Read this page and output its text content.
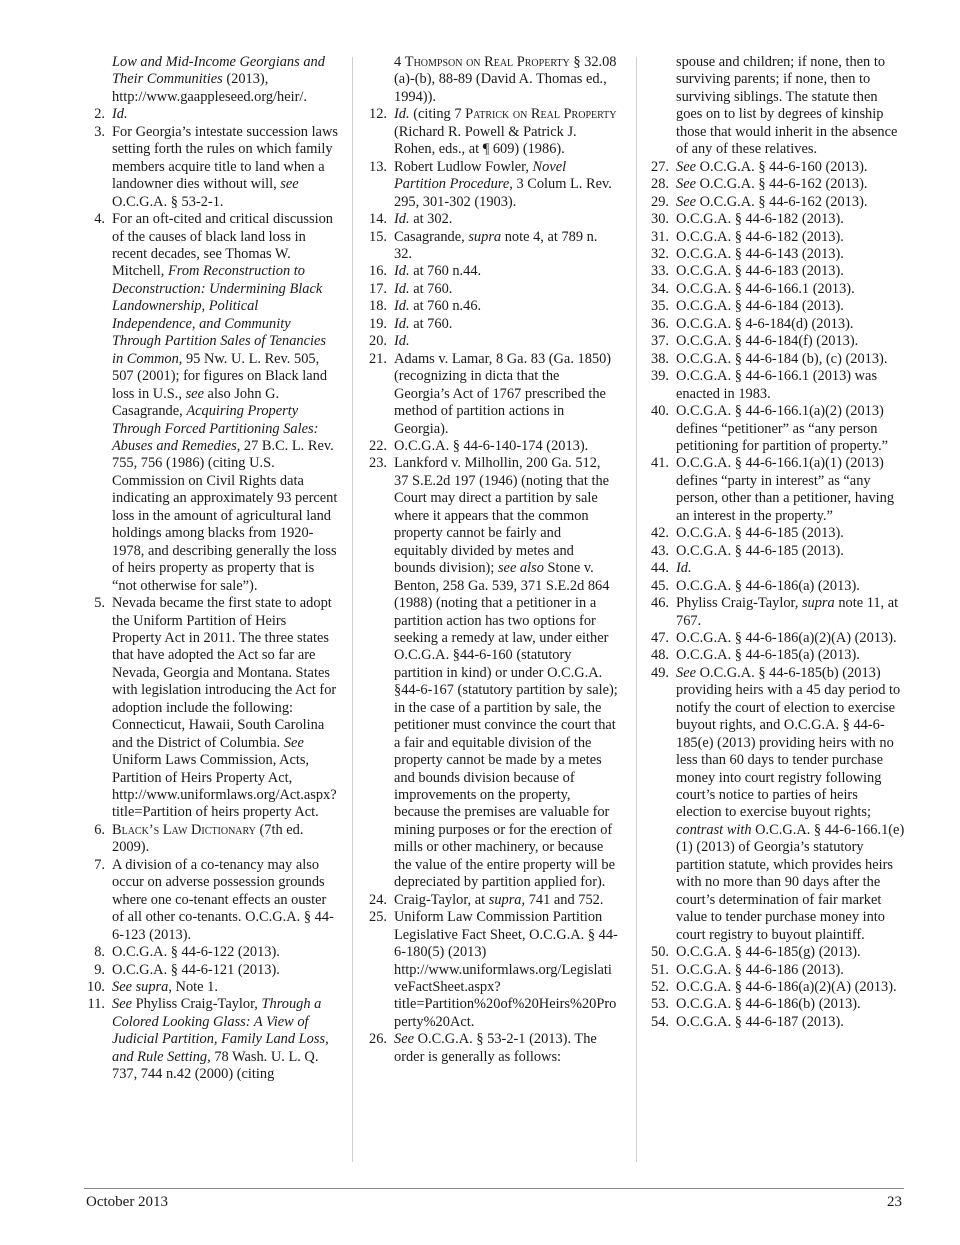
Low and Mid-Income Georgians and Their Communities (2013), http://www.gaappleseed.org/heir/.
2. Id.
3. For Georgia’s intestate succession laws setting forth the rules on which family members acquire title to land when a landowner dies without will, see O.C.G.A. § 53-2-1.
4. For an oft-cited and critical discussion of the causes of black land loss in recent decades, see Thomas W. Mitchell, From Reconstruction to Deconstruction: Undermining Black Landownership, Political Independence, and Community Through Partition Sales of Tenancies in Common, 95 Nw. U. L. Rev. 505, 507 (2001); for figures on Black land loss in U.S., see also John G. Casagrande, Acquiring Property Through Forced Partitioning Sales: Abuses and Remedies, 27 B.C. L. Rev. 755, 756 (1986) (citing U.S. Commission on Civil Rights data indicating an approximately 93 percent loss in the amount of agricultural land holdings among blacks from 1920-1978, and describing generally the loss of heirs property as property that is “not otherwise for sale”).
5. Nevada became the first state to adopt the Uniform Partition of Heirs Property Act in 2011. The three states that have adopted the Act so far are Nevada, Georgia and Montana. States with legislation introducing the Act for adoption include the following: Connecticut, Hawaii, South Carolina and the District of Columbia. See Uniform Laws Commission, Acts, Partition of Heirs Property Act, http://www.uniformlaws.org/Act.aspx?title=Partition of heirs property Act.
6. Black’s Law Dictionary (7th ed. 2009).
7. A division of a co-tenancy may also occur on adverse possession grounds where one co-tenant effects an ouster of all other co-tenants. O.C.G.A. § 44-6-123 (2013).
8. O.C.G.A. § 44-6-122 (2013).
9. O.C.G.A. § 44-6-121 (2013).
10. See supra, Note 1.
11. See Phyliss Craig-Taylor, Through a Colored Looking Glass: A View of Judicial Partition, Family Land Loss, and Rule Setting, 78 Wash. U. L. Q. 737, 744 n.42 (2000) (citing
4 Thompson on Real Property § 32.08 (a)-(b), 88-89 (David A. Thomas ed., 1994)).
12. Id. (citing 7 Patrick on Real Property (Richard R. Powell & Patrick J. Rohen, eds., at ¶ 609) (1986).
13. Robert Ludlow Fowler, Novel Partition Procedure, 3 Colum L. Rev. 295, 301-302 (1903).
14. Id. at 302.
15. Casagrande, supra note 4, at 789 n. 32.
16. Id. at 760 n.44.
17. Id. at 760.
18. Id. at 760 n.46.
19. Id. at 760.
20. Id.
21. Adams v. Lamar, 8 Ga. 83 (Ga. 1850) (recognizing in dicta that the Georgia’s Act of 1767 prescribed the method of partition actions in Georgia).
22. O.C.G.A. § 44-6-140-174 (2013).
23. Lankford v. Milhollin, 200 Ga. 512, 37 S.E.2d 197 (1946) (noting that the Court may direct a partition by sale where it appears that the common property cannot be fairly and equitably divided by metes and bounds division); see also Stone v. Benton, 258 Ga. 539, 371 S.E.2d 864 (1988) (noting that a petitioner in a partition action has two options for seeking a remedy at law, under either O.C.G.A. §44-6-160 (statutory partition in kind) or under O.C.G.A. §44-6-167 (statutory partition by sale); in the case of a partition by sale, the petitioner must convince the court that a fair and equitable division of the property cannot be made by a metes and bounds division because of improvements on the property, because the premises are valuable for mining purposes or for the erection of mills or other machinery, or because the value of the entire property will be depreciated by partition applied for).
24. Craig-Taylor, at supra, 741 and 752.
25. Uniform Law Commission Partition Legislative Fact Sheet, O.C.G.A. § 44-6-180(5) (2013) http://www.uniformlaws.org/LegislativeFactSheet.aspx?title=Partition%20of%20Heirs%20Property%20Act.
26. See O.C.G.A. § 53-2-1 (2013). The order is generally as follows:
spouse and children; if none, then to surviving parents; if none, then to surviving siblings. The statute then goes on to list by degrees of kinship those that would inherit in the absence of any of these relatives.
27. See O.C.G.A. § 44-6-160 (2013).
28. See O.C.G.A. § 44-6-162 (2013).
29. See O.C.G.A. § 44-6-162 (2013).
30. O.C.G.A. § 44-6-182 (2013).
31. O.C.G.A. § 44-6-182 (2013).
32. O.C.G.A. § 44-6-143 (2013).
33. O.C.G.A. § 44-6-183 (2013).
34. O.C.G.A. § 44-6-166.1 (2013).
35. O.C.G.A. § 44-6-184 (2013).
36. O.C.G.A. § 4-6-184(d) (2013).
37. O.C.G.A. § 44-6-184(f) (2013).
38. O.C.G.A. § 44-6-184 (b), (c) (2013).
39. O.C.G.A. § 44-6-166.1 (2013) was enacted in 1983.
40. O.C.G.A. § 44-6-166.1(a)(2) (2013) defines “petitioner” as “any person petitioning for partition of property.”
41. O.C.G.A. § 44-6-166.1(a)(1) (2013) defines “party in interest” as “any person, other than a petitioner, having an interest in the property.”
42. O.C.G.A. § 44-6-185 (2013).
43. O.C.G.A. § 44-6-185 (2013).
44. Id.
45. O.C.G.A. § 44-6-186(a) (2013).
46. Phyliss Craig-Taylor, supra note 11, at 767.
47. O.C.G.A. § 44-6-186(a)(2)(A) (2013).
48. O.C.G.A. § 44-6-185(a) (2013).
49. See O.C.G.A. § 44-6-185(b) (2013) providing heirs with a 45 day period to notify the court of election to exercise buyout rights, and O.C.G.A. § 44-6-185(e) (2013) providing heirs with no less than 60 days to tender purchase money into court registry following court’s notice to parties of heirs election to exercise buyout rights; contrast with O.C.G.A. § 44-6-166.1(e)(1) (2013) of Georgia’s statutory partition statute, which provides heirs with no more than 90 days after the court’s determination of fair market value to tender purchase money into court registry to buyout plaintiff.
50. O.C.G.A. § 44-6-185(g) (2013).
51. O.C.G.A. § 44-6-186 (2013).
52. O.C.G.A. § 44-6-186(a)(2)(A) (2013).
53. O.C.G.A. § 44-6-186(b) (2013).
54. O.C.G.A. § 44-6-187 (2013).
October 2013	23
